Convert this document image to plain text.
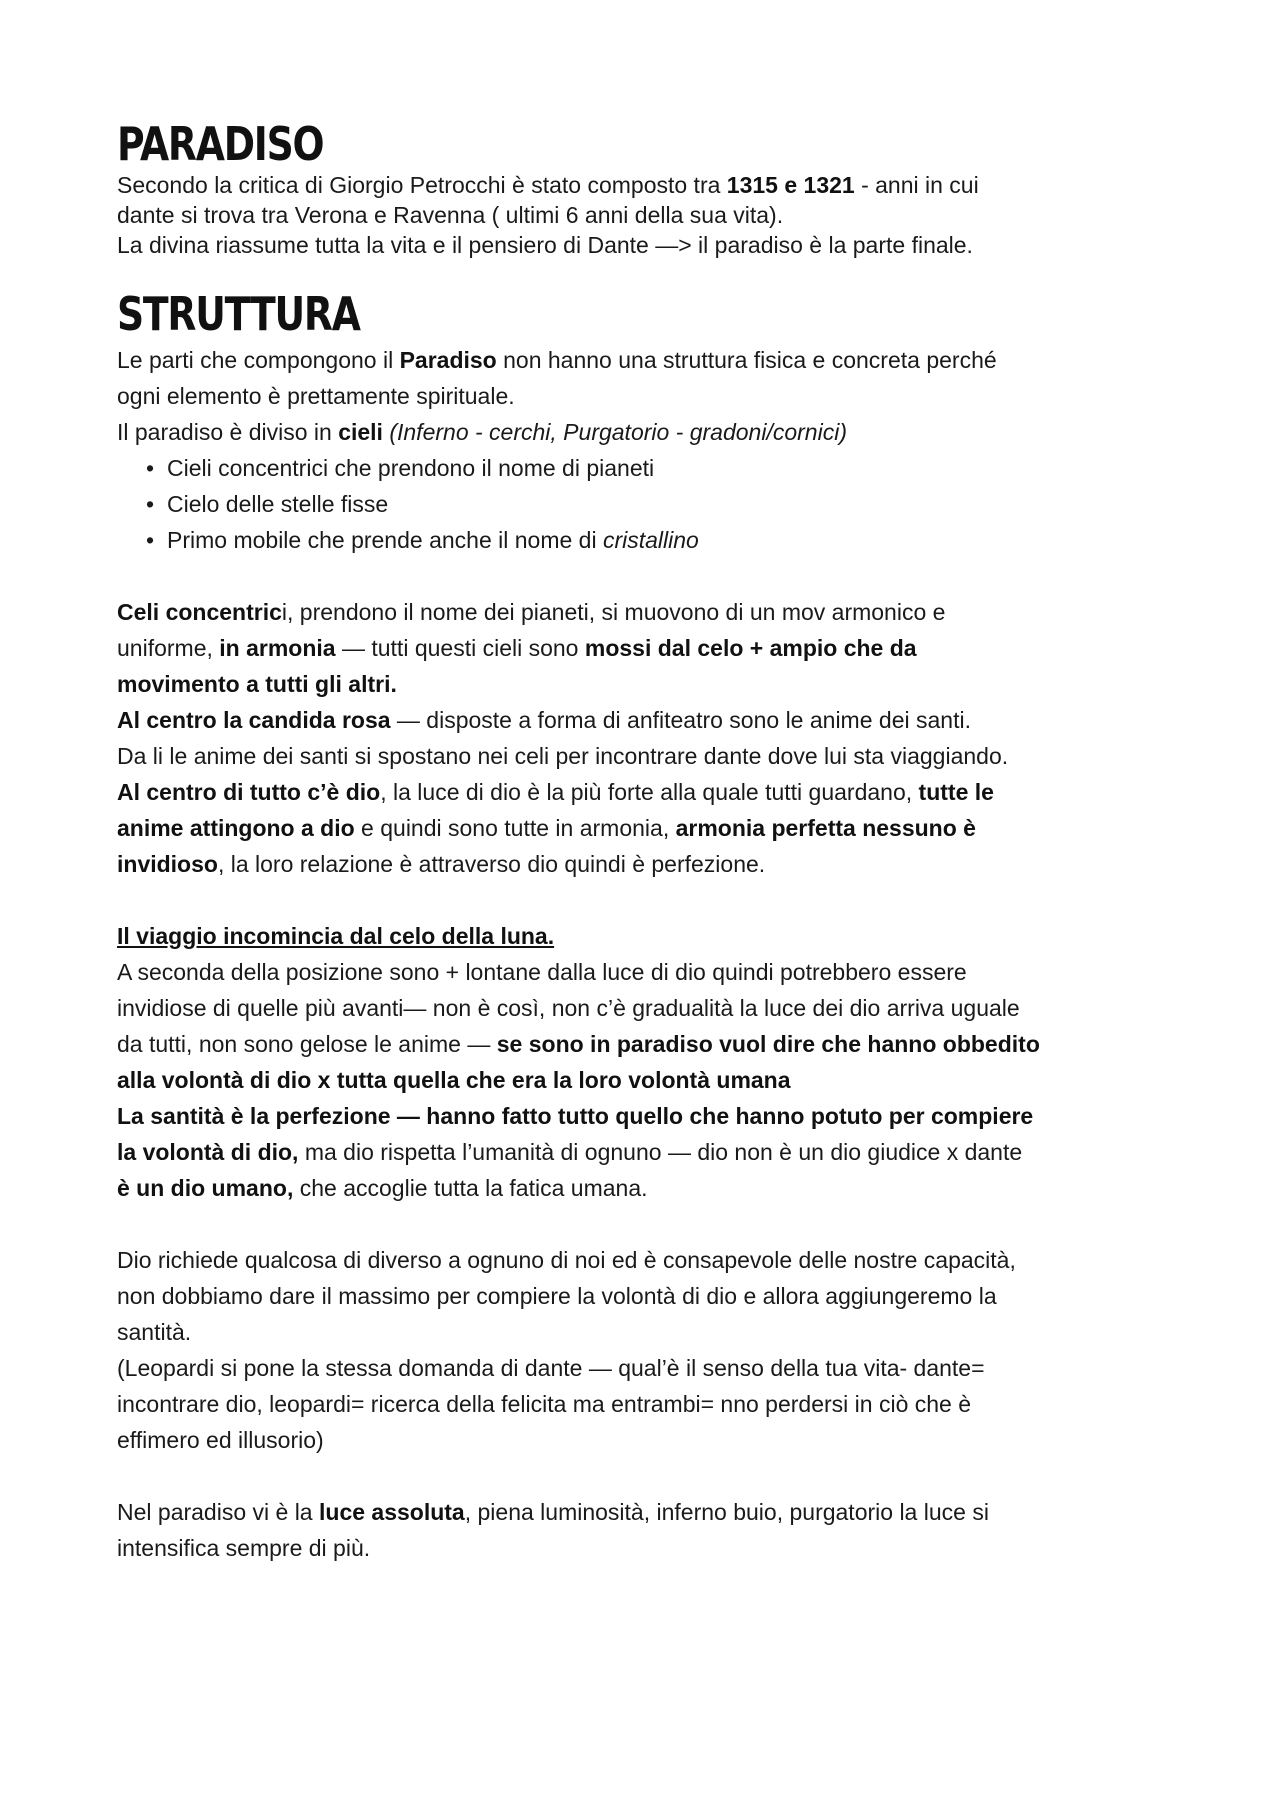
PARADISO

Secondo la critica di Giorgio Petrocchi è stato composto tra 1315 e 1321 - anni in cui

dante si trova tra Verona e Ravenna ( ultimi 6 anni della sua vita).

La divina riassume tutta la vita e il pensiero di Dante —> il paradiso è la parte finale.

STRUTTURA

Le parti che compongono il Paradiso non hanno una struttura fisica e concreta perché

ogni elemento è prettamente spirituale.

Il paradiso è diviso in cieli (Inferno - cerchi, Purgatorio - gradoni/cornici)

• Cieli concentrici che prendono il nome di pianeti
• Cielo delle stelle fisse
• Primo mobile che prende anche il nome di cristallino

Celi concentrici, prendono il nome dei pianeti, si muovono di un mov armonico e

uniforme, in armonia — tutti questi cieli sono mossi dal celo + ampio che da

movimento a tutti gli altri.

Al centro la candida rosa — disposte a forma di anfiteatro sono le anime dei santi.

Da li le anime dei santi si spostano nei celi per incontrare dante dove lui sta viaggiando.

Al centro di tutto c’è dio, la luce di dio è la più forte alla quale tutti guardano, tutte le

anime attingono a dio e quindi sono tutte in armonia, armonia perfetta nessuno è

invidioso, la loro relazione è attraverso dio quindi è perfezione.

Il viaggio incomincia dal celo della luna.

A seconda della posizione sono + lontane dalla luce di dio quindi potrebbero essere

invidiose di quelle più avanti— non è così, non c’è gradualità la luce dei dio arriva uguale

da tutti, non sono gelose le anime — se sono in paradiso vuol dire che hanno obbedito

alla volontà di dio x tutta quella che era la loro volontà umana

La santità è la perfezione — hanno fatto tutto quello che hanno potuto per compiere

la volontà di dio, ma dio rispetta l’umanità di ognuno — dio non è un dio giudice x dante

è un dio umano, che accoglie tutta la fatica umana.

Dio richiede qualcosa di diverso a ognuno di noi ed è consapevole delle nostre capacità,

non dobbiamo dare il massimo per compiere la volontà di dio e allora aggiungeremo la

santità.

(Leopardi si pone la stessa domanda di dante — qual’è il senso della tua vita- dante=

incontrare dio, leopardi= ricerca della felicita ma entrambi= nno perdersi in ciò che è

effimero ed illusorio)

Nel paradiso vi è la luce assoluta, piena luminosità, inferno buio, purgatorio la luce si

intensifica sempre di più.
